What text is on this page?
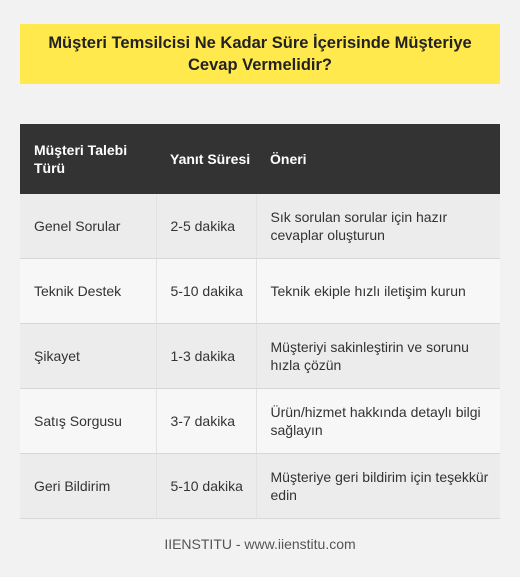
Müşteri Temsilcisi Ne Kadar Süre İçerisinde Müşteriye Cevap Vermelidir?
Müşteri Talebi Türü	Yanıt Süresi	Öneri
Genel Sorular	2-5 dakika	Sık sorulan sorular için hazır cevaplar oluşturun
Teknik Destek	5-10 dakika	Teknik ekiple hızlı iletişim kurun
Şikayet	1-3 dakika	Müşteriyi sakinleştirin ve sorunu hızla çözün
Satış Sorgusu	3-7 dakika	Ürün/hizmet hakkında detaylı bilgi sağlayın
Geri Bildirim	5-10 dakika	Müşteriye geri bildirim için teşekkür edin
IIENSTITU - www.iienstitu.com
